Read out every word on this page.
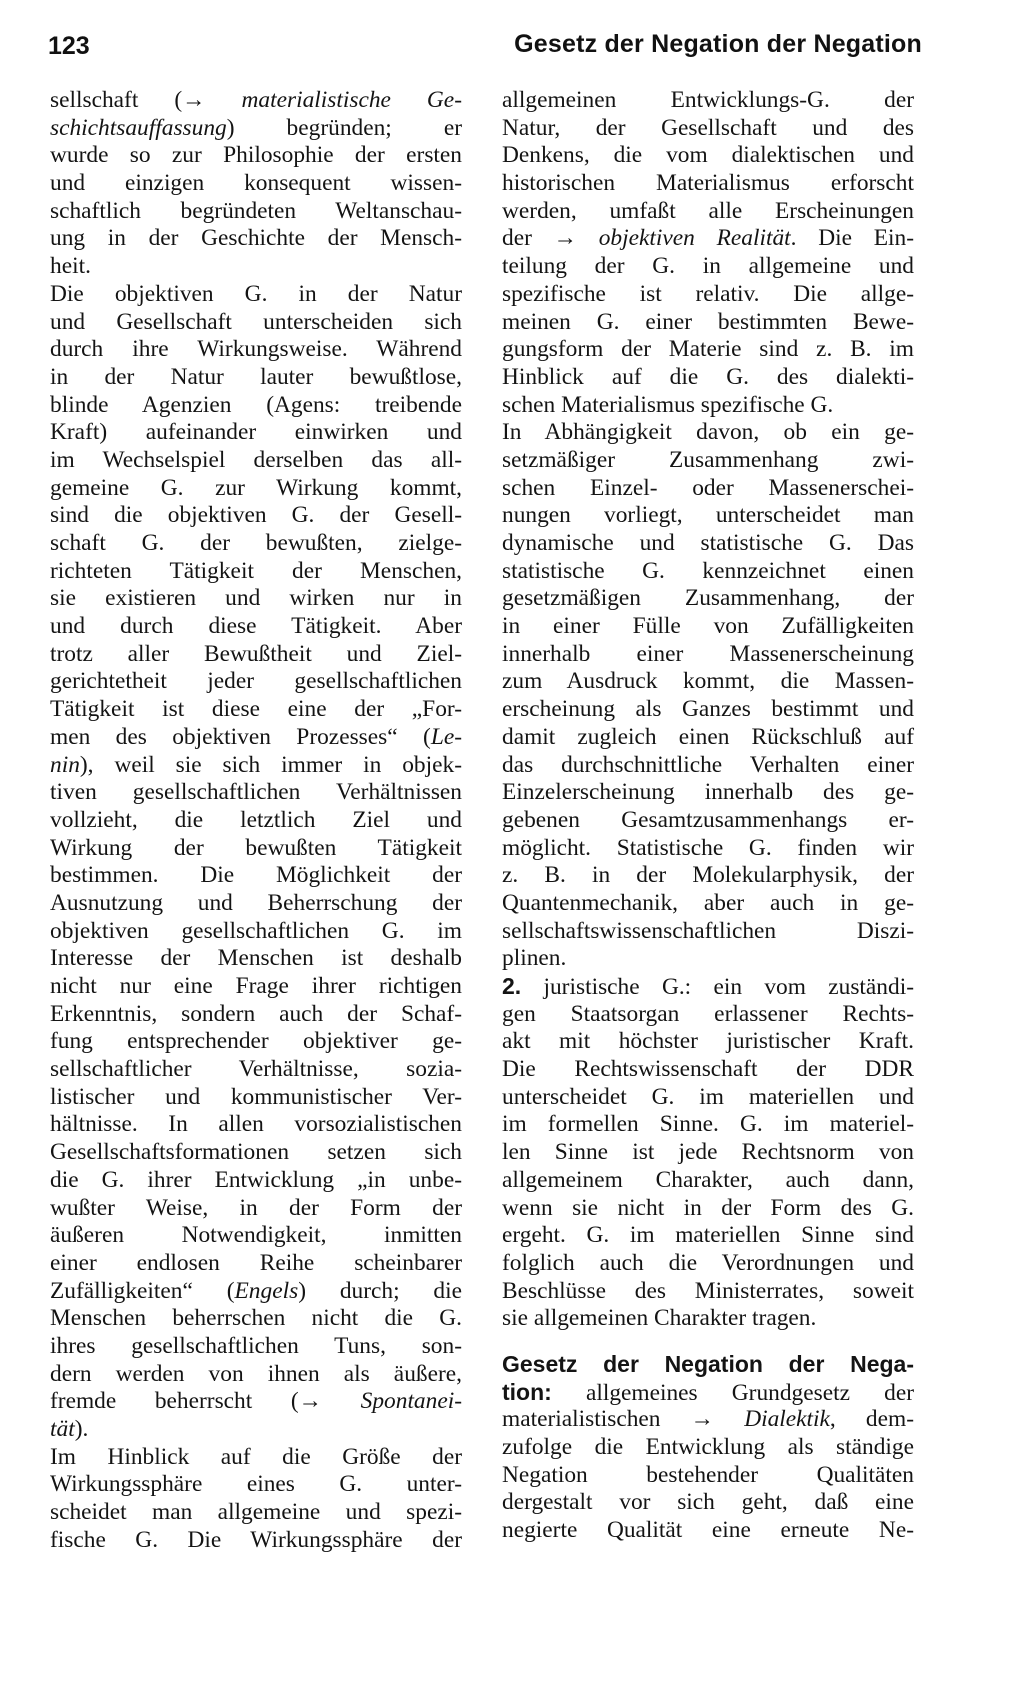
123	Gesetz der Negation der Negation
sellschaft (→ materialistische Ge-
schichtsauffassung) begründen; er
wurde so zur Philosophie der ersten
und einzigen konsequent wissen-
schaftlich begründeten Weltanschau-
ung in der Geschichte der Mensch-
heit.
Die objektiven G. in der Natur
und Gesellschaft unterscheiden sich
durch ihre Wirkungsweise. Während
in der Natur lauter bewußtlose,
blinde Agenzien (Agens: treibende
Kraft) aufeinander einwirken und
im Wechselspiel derselben das all-
gemeine G. zur Wirkung kommt,
sind die objektiven G. der Gesell-
schaft G. der bewußten, zielge-
richteten Tätigkeit der Menschen,
sie existieren und wirken nur in
und durch diese Tätigkeit. Aber
trotz aller Bewußtheit und Ziel-
gerichtetheit jeder gesellschaftlichen
Tätigkeit ist diese eine der „For-
men des objektiven Prozesses“ (Le-
nin), weil sie sich immer in objek-
tiven gesellschaftlichen Verhältnissen
vollzieht, die letztlich Ziel und
Wirkung der bewußten Tätigkeit
bestimmen. Die Möglichkeit der
Ausnutzung und Beherrschung der
objektiven gesellschaftlichen G. im
Interesse der Menschen ist deshalb
nicht nur eine Frage ihrer richtigen
Erkenntnis, sondern auch der Schaf-
fung entsprechender objektiver ge-
sellschaftlicher Verhältnisse, sozia-
listischer und kommunistischer Ver-
hältnisse. In allen vorsozialistischen
Gesellschaftsformationen setzen sich
die G. ihrer Entwicklung „in unbe-
wußter Weise, in der Form der
äußeren Notwendigkeit, inmitten
einer endlosen Reihe scheinbarer
Zufälligkeiten“ (Engels) durch; die
Menschen beherrschen nicht die G.
ihres gesellschaftlichen Tuns, son-
dern werden von ihnen als äußere,
fremde beherrscht (→ Spontanei-
tät).
Im Hinblick auf die Größe der
Wirkungssphäre eines G. unter-
scheidet man allgemeine und spezi-
fische G. Die Wirkungssphäre der
allgemeinen Entwicklungs-G. der
Natur, der Gesellschaft und des
Denkens, die vom dialektischen und
historischen Materialismus erforscht
werden, umfaßt alle Erscheinungen
der → objektiven Realität. Die Ein-
teilung der G. in allgemeine und
spezifische ist relativ. Die allge-
meinen G. einer bestimmten Bewe-
gungsform der Materie sind z. B. im
Hinblick auf die G. des dialekti-
schen Materialismus spezifische G.
In Abhängigkeit davon, ob ein ge-
setzmäßiger Zusammenhang zwi-
schen Einzel- oder Massenerschei-
nungen vorliegt, unterscheidet man
dynamische und statistische G. Das
statistische G. kennzeichnet einen
gesetzmäßigen Zusammenhang, der
in einer Fülle von Zufälligkeiten
innerhalb einer Massenerscheinung
zum Ausdruck kommt, die Massen-
erscheinung als Ganzes bestimmt und
damit zugleich einen Rückschluß auf
das durchschnittliche Verhalten einer
Einzelerscheinung innerhalb des ge-
gebenen Gesamtzusammenhangs er-
möglicht. Statistische G. finden wir
z. B. in der Molekularphysik, der
Quantenmechanik, aber auch in ge-
sellschaftswissenschaftlichen Diszi-
plinen.
2. juristische G.: ein vom zuständi-
gen Staatsorgan erlassener Rechts-
akt mit höchster juristischer Kraft.
Die Rechtswissenschaft der DDR
unterscheidet G. im materiellen und
im formellen Sinne. G. im materiel-
len Sinne ist jede Rechtsnorm von
allgemeinem Charakter, auch dann,
wenn sie nicht in der Form des G.
ergeht. G. im materiellen Sinne sind
folglich auch die Verordnungen und
Beschlüsse des Ministerrates, soweit
sie allgemeinen Charakter tragen.
Gesetz der Negation der Nega-
tion: allgemeines Grundgesetz der
materialistischen → Dialektik, dem-
zufolge die Entwicklung als ständige
Negation bestehender Qualitäten
dergestalt vor sich geht, daß eine
negierte Qualität eine erneute Ne-
